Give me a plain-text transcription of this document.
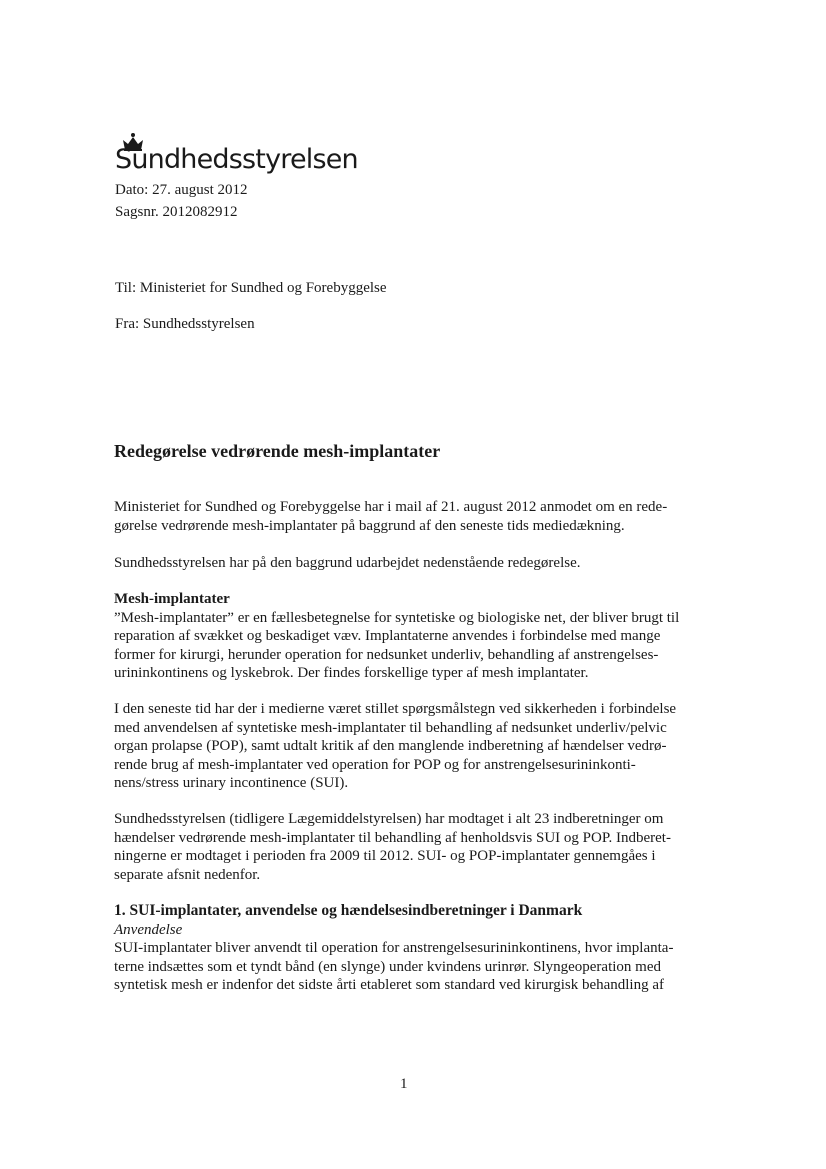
Sundhedsstyrelsen
Dato: 27. august 2012
Sagsnr. 2012082912
Til: Ministeriet for Sundhed og Forebyggelse
Fra: Sundhedsstyrelsen
Redegørelse vedrørende mesh-implantater
Ministeriet for Sundhed og Forebyggelse har i mail af 21. august 2012 anmodet om en rede-
gørelse vedrørende mesh-implantater på baggrund af den seneste tids mediedækning.
Sundhedsstyrelsen har på den baggrund udarbejdet nedenstående redegørelse.
Mesh-implantater
”Mesh-implantater” er en fællesbetegnelse for syntetiske og biologiske net, der bliver brugt til
reparation af svækket og beskadiget væv. Implantaterne anvendes i forbindelse med mange
former for kirurgi, herunder operation for nedsunket underliv, behandling af anstrengelses-
urininkontinens og lyskebrok. Der findes forskellige typer af mesh implantater.
I den seneste tid har der i medierne været stillet spørgsmålstegn ved sikkerheden i forbindelse
med anvendelsen af syntetiske mesh-implantater til behandling af nedsunket underliv/pelvic
organ prolapse (POP), samt udtalt kritik af den manglende indberetning af hændelser vedrø-
rende brug af mesh-implantater ved operation for POP og for anstrengelsesurininkonti-
nens/stress urinary incontinence (SUI).
Sundhedsstyrelsen (tidligere Lægemiddelstyrelsen) har modtaget i alt 23 indberetninger om
hændelser vedrørende mesh-implantater til behandling af henholdsvis SUI og POP. Indberet-
ningerne er modtaget i perioden fra 2009 til 2012. SUI- og POP-implantater gennemgåes i
separate afsnit nedenfor.
1. SUI-implantater, anvendelse og hændelsesindberetninger i Danmark
Anvendelse
SUI-implantater bliver anvendt til operation for anstrengelsesurininkontinens, hvor implanta-
terne indsættes som et tyndt bånd (en slynge) under kvindens urinrør. Slyngeoperation med
syntetisk mesh er indenfor det sidste årti etableret som standard ved kirurgisk behandling af
1
